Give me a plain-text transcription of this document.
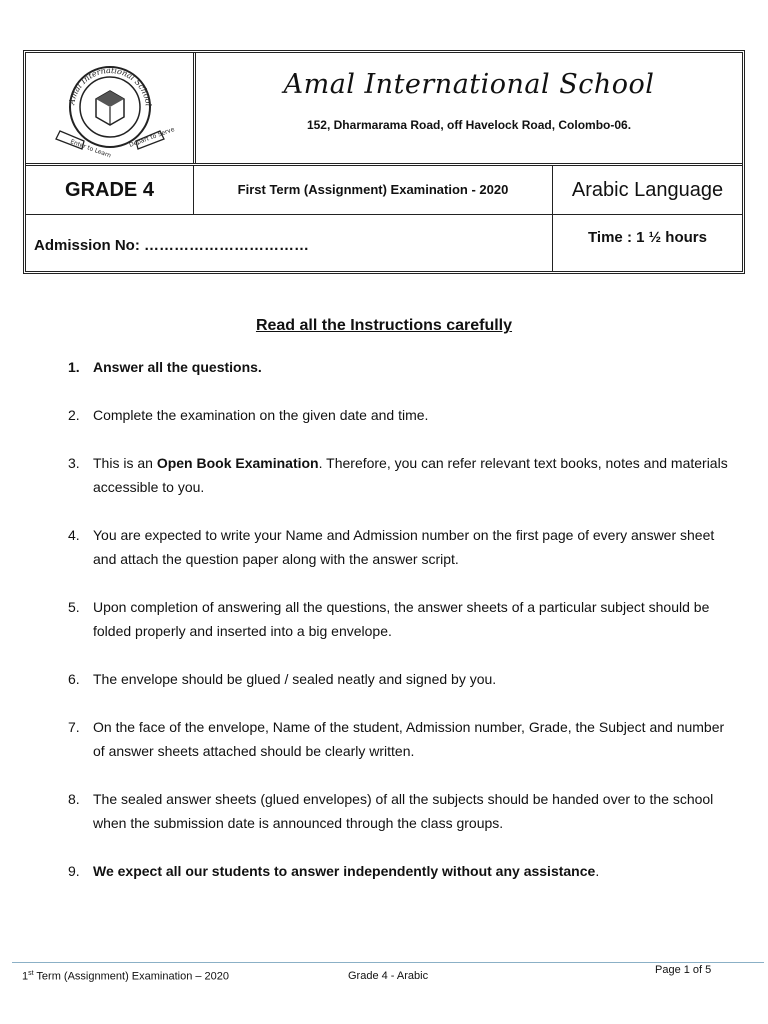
Amal International School
Enter to Learn
Depart to Serve
Amal International School
152, Dharmarama Road, off Havelock Road, Colombo-06.
GRADE 4	First Term (Assignment) Examination - 2020	Arabic Language
Admission No: ……………………………	Time : 1 ½ hours
Read all the Instructions carefully
1. Answer all the questions.
2. Complete the examination on the given date and time.
3. This is an Open Book Examination. Therefore, you can refer relevant text books, notes and materials accessible to you.
4. You are expected to write your Name and Admission number on the first page of every answer sheet and attach the question paper along with the answer script.
5. Upon completion of answering all the questions, the answer sheets of a particular subject should be folded properly and inserted into a big envelope.
6. The envelope should be glued / sealed neatly and signed by you.
7. On the face of the envelope, Name of the student, Admission number, Grade, the Subject and number of answer sheets attached should be clearly written.
8. The sealed answer sheets (glued envelopes) of all the subjects should be handed over to the school when the submission date is announced through the class groups.
9. We expect all our students to answer independently without any assistance.
1st Term (Assignment) Examination – 2020	Grade 4 - Arabic	Page 1 of 5
